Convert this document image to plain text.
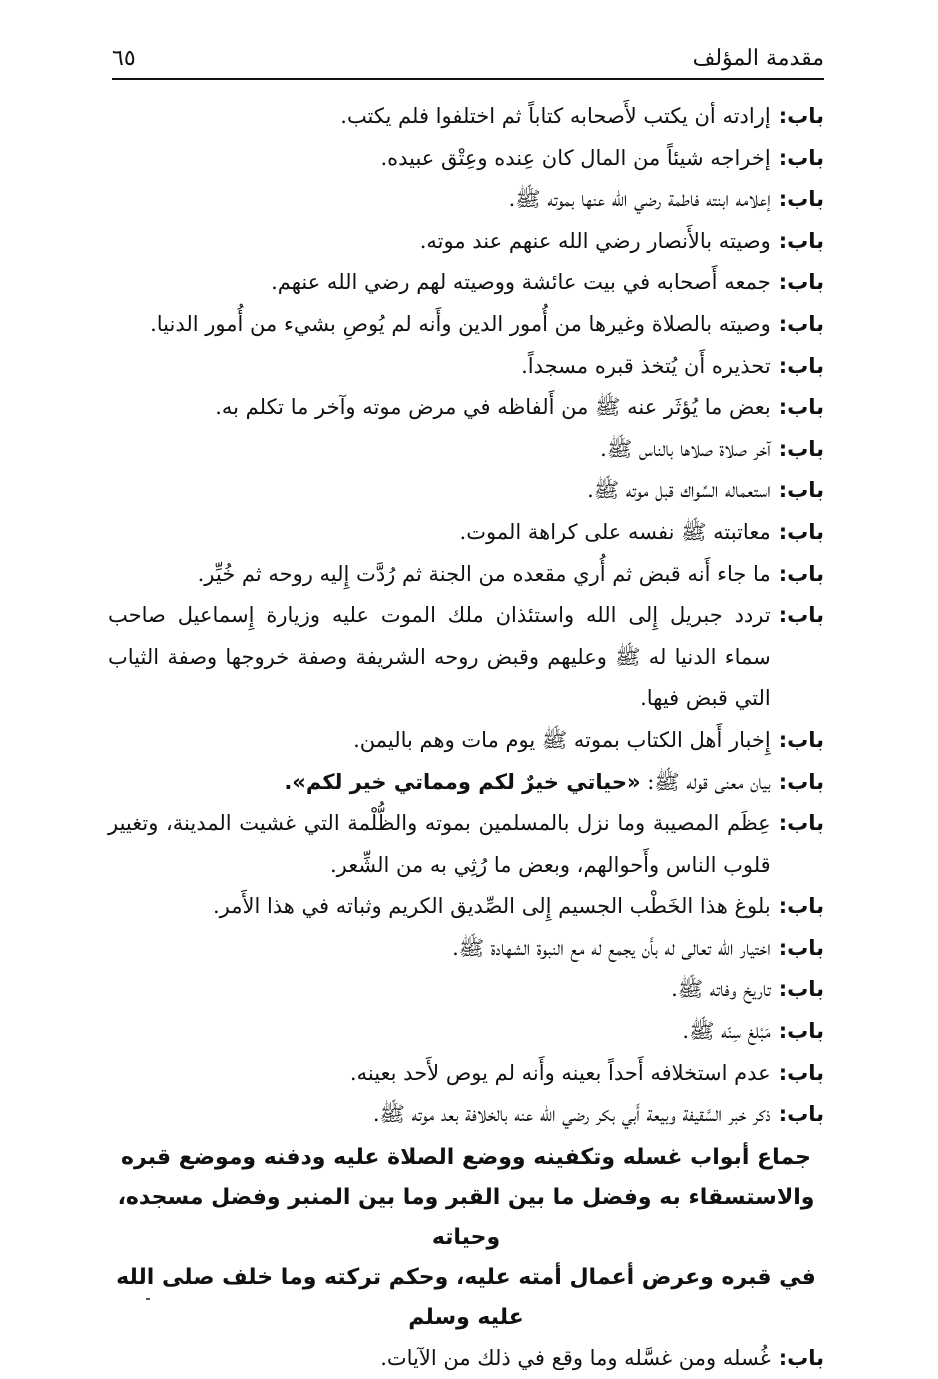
مقدمة المؤلف
٦٥
باب:
إرادته أن يكتب لأَصحابه كتاباً ثم اختلفوا فلم يكتب.
باب:
إخراجه شيئاً من المال كان عِنده وعِتْق عبيده.
باب:
إعلامه ابنته فاطمة رضي الله عنها بموته ﷺ.
باب:
وصيته بالأَنصار رضي الله عنهم عند موته.
باب:
جمعه أَصحابه في بيت عائشة ووصيته لهم رضي الله عنهم.
باب:
وصيته بالصلاة وغيرها من أُمور الدين وأَنه لم يُوصِ بشيء من أُمور الدنيا.
باب:
تحذيره أَن يُتخذ قبره مسجداً.
باب:
بعض ما يُؤثَر عنه ﷺ من أَلفاظه في مرض موته وآخر ما تكلم به.
باب:
آخر صلاة صلاها بالناس ﷺ.
باب:
استعماله السِّواك قبل موته ﷺ.
باب:
معاتبته ﷺ نفسه على كراهة الموت.
باب:
ما جاء أَنه قبض ثم أُري مقعده من الجنة ثم رُدَّت إِليه روحه ثم خُيِّر.
باب:
تردد جبريل إِلى الله واستئذان ملك الموت عليه وزيارة إِسماعيل صاحب سماء الدنيا له ﷺ وعليهم وقبض روحه الشريفة وصفة خروجها وصفة الثياب التي قبض فيها.
باب:
إِخبار أَهل الكتاب بموته ﷺ يوم مات وهم باليمن.
باب:
بيان معنى قوله ﷺ: «حياتي خيرٌ لكم ومماتي خير لكم».
باب:
عِظَم المصيبة وما نزل بالمسلمين بموته والظُّلْمة التي غشيت المدينة، وتغيير قلوب الناس وأَحوالهم، وبعض ما رُثِي به من الشِّعر.
باب:
بلوغ هذا الخَطْب الجسيم إِلى الصِّديق الكريم وثباته في هذا الأَمر.
باب:
اختيار الله تعالى له بأَن يجمع له مع النبوة الشهادة ﷺ.
باب:
تاريخ وفاته ﷺ.
باب:
مَبْلغ سِنّه ﷺ.
باب:
عدم استخلافه أَحداً بعينه وأَنه لم يوص لأَحد بعينه.
باب:
ذكر خبر السَّقيفة وبيعة أَبي بكر رضي الله عنه بالخلافة بعد موته ﷺ.
جماع أبواب غسله وتكفينه ووضع الصلاة عليه ودفنه وموضع قبره
والاستسقاء به وفضل ما بين القبر وما بين المنبر وفضل مسجده، وحياته
في قبره وعرض أعمال أمته عليه، وحكم تركته وما خلف صلى الله عليه وسلم
باب:
غُسله ومن غسَّله وما وقع في ذلك من الآيات.
